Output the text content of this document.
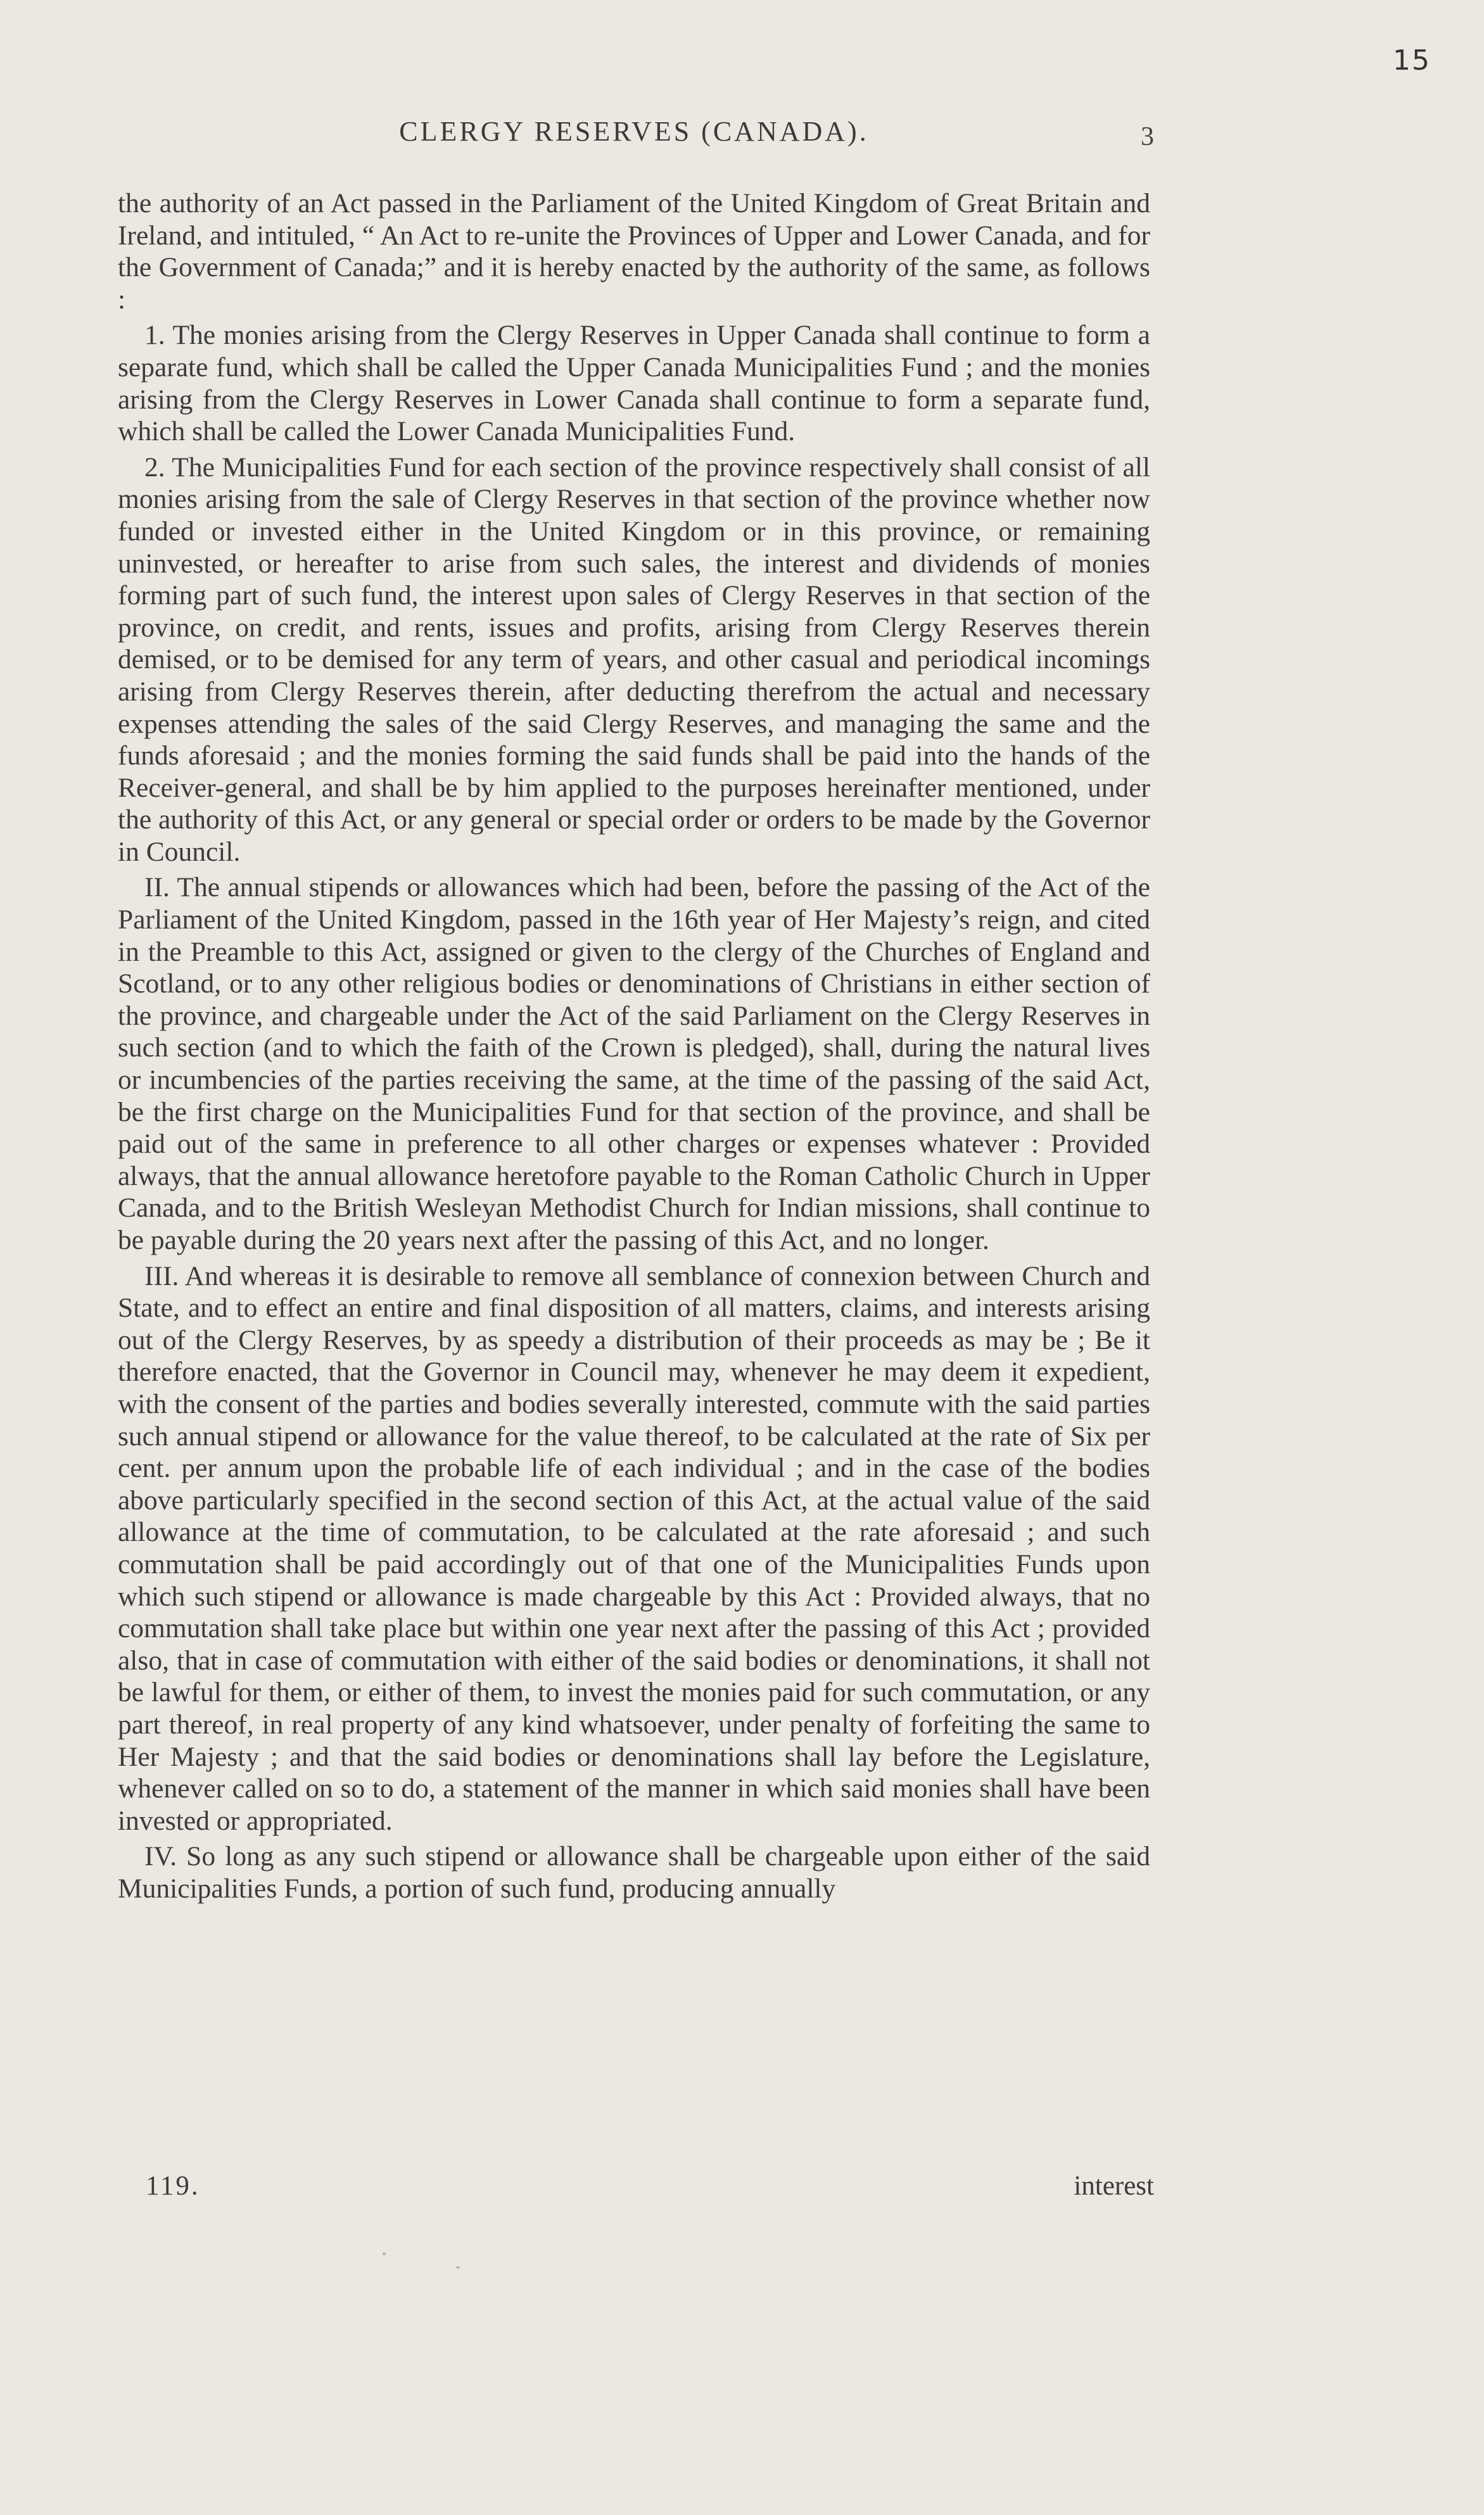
15
CLERGY RESERVES (CANADA).	3

the authority of an Act passed in the Parliament of the United Kingdom of Great Britain and Ireland, and intituled, “ An Act to re-unite the Provinces of Upper and Lower Canada, and for the Government of Canada;” and it is hereby enacted by the authority of the same, as follows :

1. The monies arising from the Clergy Reserves in Upper Canada shall continue to form a separate fund, which shall be called the Upper Canada Municipalities Fund ; and the monies arising from the Clergy Reserves in Lower Canada shall continue to form a separate fund, which shall be called the Lower Canada Municipalities Fund.

2. The Municipalities Fund for each section of the province respectively shall consist of all monies arising from the sale of Clergy Reserves in that section of the province whether now funded or invested either in the United Kingdom or in this province, or remaining uninvested, or hereafter to arise from such sales, the interest and dividends of monies forming part of such fund, the interest upon sales of Clergy Reserves in that section of the province, on credit, and rents, issues and profits, arising from Clergy Reserves therein demised, or to be demised for any term of years, and other casual and periodical incomings arising from Clergy Reserves therein, after deducting therefrom the actual and necessary expenses attending the sales of the said Clergy Reserves, and managing the same and the funds aforesaid ; and the monies forming the said funds shall be paid into the hands of the Receiver-general, and shall be by him applied to the purposes hereinafter mentioned, under the authority of this Act, or any general or special order or orders to be made by the Governor in Council.

II. The annual stipends or allowances which had been, before the passing of the Act of the Parliament of the United Kingdom, passed in the 16th year of Her Majesty’s reign, and cited in the Preamble to this Act, assigned or given to the clergy of the Churches of England and Scotland, or to any other religious bodies or denominations of Christians in either section of the province, and chargeable under the Act of the said Parliament on the Clergy Reserves in such section (and to which the faith of the Crown is pledged), shall, during the natural lives or incumbencies of the parties receiving the same, at the time of the passing of the said Act, be the first charge on the Municipalities Fund for that section of the province, and shall be paid out of the same in preference to all other charges or expenses whatever : Provided always, that the annual allowance heretofore payable to the Roman Catholic Church in Upper Canada, and to the British Wesleyan Methodist Church for Indian missions, shall continue to be payable during the 20 years next after the passing of this Act, and no longer.

III. And whereas it is desirable to remove all semblance of connexion between Church and State, and to effect an entire and final disposition of all matters, claims, and interests arising out of the Clergy Reserves, by as speedy a distribution of their proceeds as may be ; Be it therefore enacted, that the Governor in Council may, whenever he may deem it expedient, with the consent of the parties and bodies severally interested, commute with the said parties such annual stipend or allowance for the value thereof, to be calculated at the rate of Six per cent. per annum upon the probable life of each individual ; and in the case of the bodies above particularly specified in the second section of this Act, at the actual value of the said allowance at the time of commutation, to be calculated at the rate aforesaid ; and such commutation shall be paid accordingly out of that one of the Municipalities Funds upon which such stipend or allowance is made chargeable by this Act : Provided always, that no commutation shall take place but within one year next after the passing of this Act ; provided also, that in case of commutation with either of the said bodies or denominations, it shall not be lawful for them, or either of them, to invest the monies paid for such commutation, or any part thereof, in real property of any kind whatsoever, under penalty of forfeiting the same to Her Majesty ; and that the said bodies or denominations shall lay before the Legislature, whenever called on so to do, a statement of the manner in which said monies shall have been invested or appropriated.

IV. So long as any such stipend or allowance shall be chargeable upon either of the said Municipalities Funds, a portion of such fund, producing annually

119.	interest
